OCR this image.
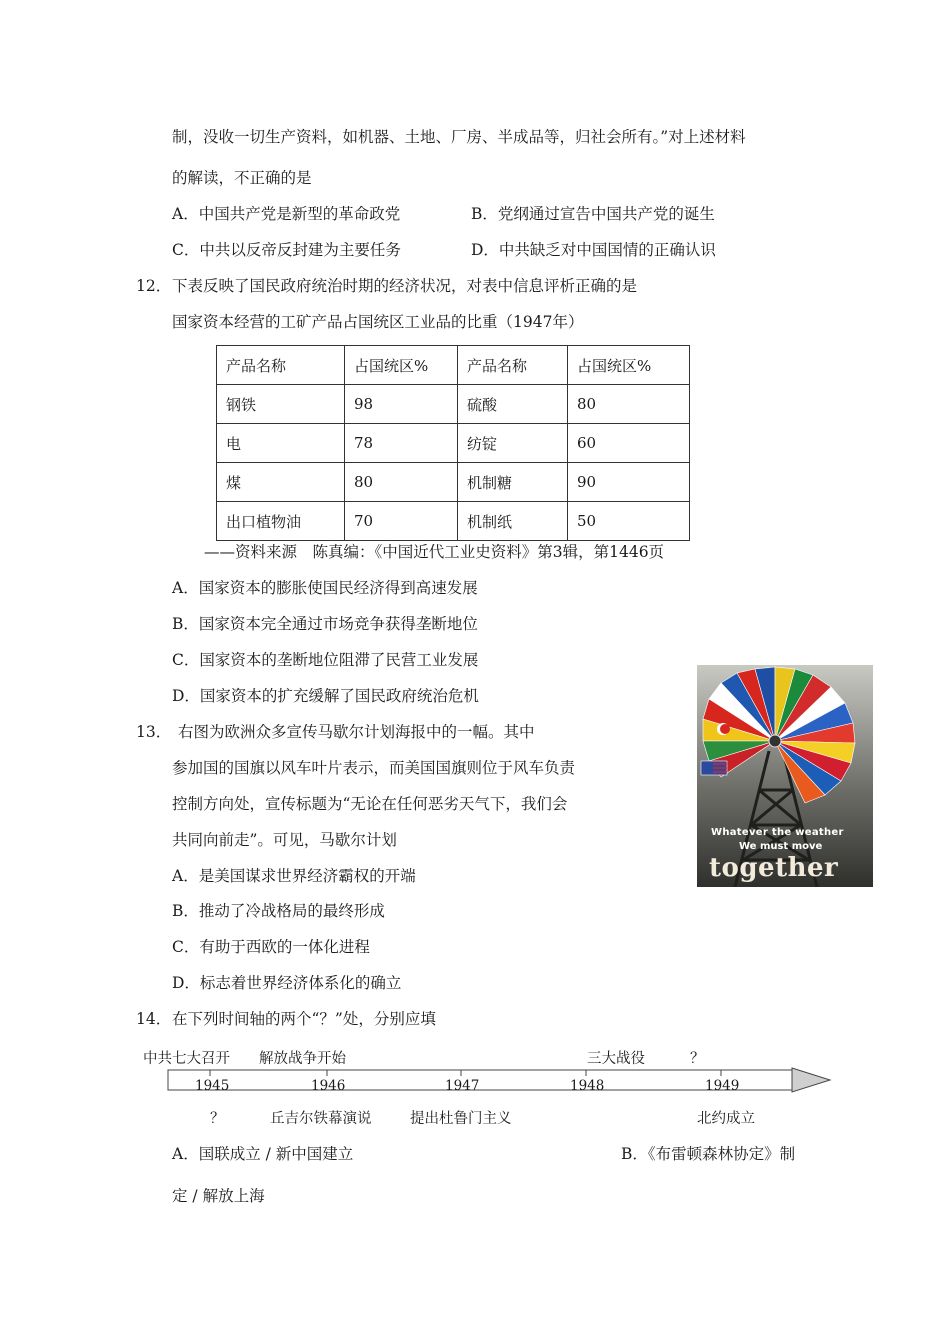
制，没收一切生产资料，如机器、土地、厂房、半成品等，归社会所有。”对上述材料
的解读，不正确的是
A．中国共产党是新型的革命政党	B．党纲通过宣告中国共产党的诞生
C．中共以反帝反封建为主要任务	D．中共缺乏对中国国情的正确认识
12． 下表反映了国民政府统治时期的经济状况，对表中信息评析正确的是
国家资本经营的工矿产品占国统区工业品的比重（1947年）
产品名称	占国统区%	产品名称	占国统区%
钢铁	98	硫酸	80
电	78	纺锭	60
煤	80	机制糖	90
出口植物油	70	机制纸	50
——资料来源　陈真编：《中国近代工业史资料》第3辑，第1446页
A．国家资本的膨胀使国民经济得到高速发展
B．国家资本完全通过市场竞争获得垄断地位
C．国家资本的垄断地位阻滞了民营工业发展
D．国家资本的扩充缓解了国民政府统治危机
13． 右图为欧洲众多宣传马歇尔计划海报中的一幅。其中
参加国的国旗以风车叶片表示，而美国国旗则位于风车负责
控制方向处，宣传标题为“无论在任何恶劣天气下，我们会
共同向前走”。可见，马歇尔计划
A．是美国谋求世界经济霸权的开端
B．推动了冷战格局的最终形成
C．有助于西欧的一体化进程
D．标志着世界经济体系化的确立
Whatever the weather
We must move
together
14． 在下列时间轴的两个“？”处，分别应填
中共七大召开 解放战争开始	三大战役	？
1945	1946	1947	1948	1949
？	丘吉尔铁幕演说	提出杜鲁门主义	北约成立
A．国联成立 / 新中国建立	B．《布雷顿森林协定》制
定 / 解放上海
